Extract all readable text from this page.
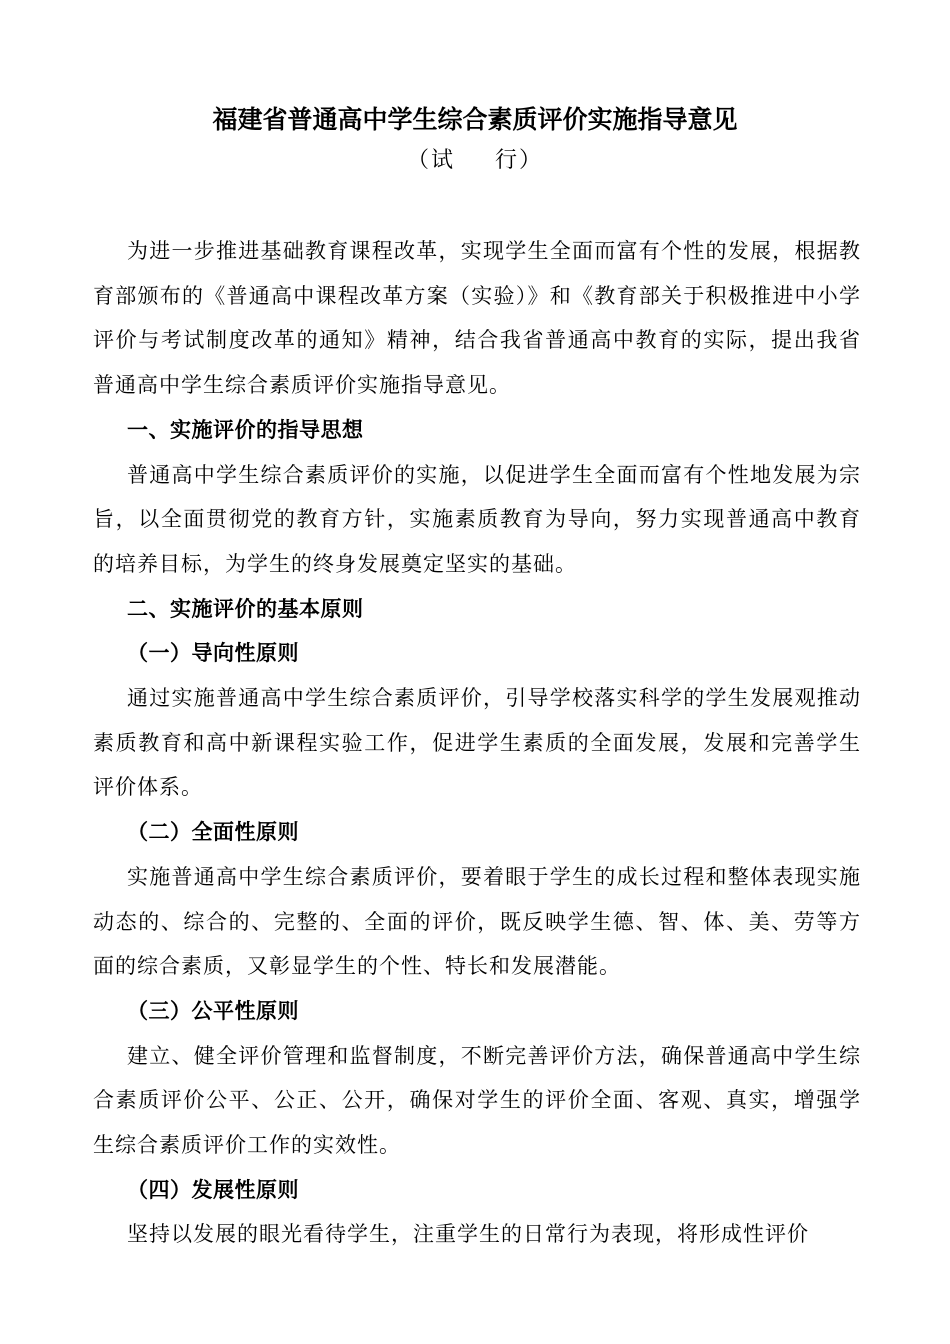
福建省普通高中学生综合素质评价实施指导意见

（试 行）

为进一步推进基础教育课程改革，实现学生全面而富有个性的发展，根据教育部颁布的《普通高中课程改革方案（实验）》和《教育部关于积极推进中小学评价与考试制度改革的通知》精神，结合我省普通高中教育的实际，提出我省普通高中学生综合素质评价实施指导意见。

一、实施评价的指导思想

普通高中学生综合素质评价的实施，以促进学生全面而富有个性地发展为宗旨，以全面贯彻党的教育方针，实施素质教育为导向，努力实现普通高中教育的培养目标，为学生的终身发展奠定坚实的基础。

二、实施评价的基本原则

（一）导向性原则

通过实施普通高中学生综合素质评价，引导学校落实科学的学生发展观推动素质教育和高中新课程实验工作，促进学生素质的全面发展，发展和完善学生评价体系。

（二）全面性原则

实施普通高中学生综合素质评价，要着眼于学生的成长过程和整体表现实施动态的、综合的、完整的、全面的评价，既反映学生德、智、体、美、劳等方面的综合素质，又彰显学生的个性、特长和发展潜能。

（三）公平性原则

建立、健全评价管理和监督制度，不断完善评价方法，确保普通高中学生综合素质评价公平、公正、公开，确保对学生的评价全面、客观、真实，增强学生综合素质评价工作的实效性。

（四）发展性原则

坚持以发展的眼光看待学生，注重学生的日常行为表现，将形成性评价
